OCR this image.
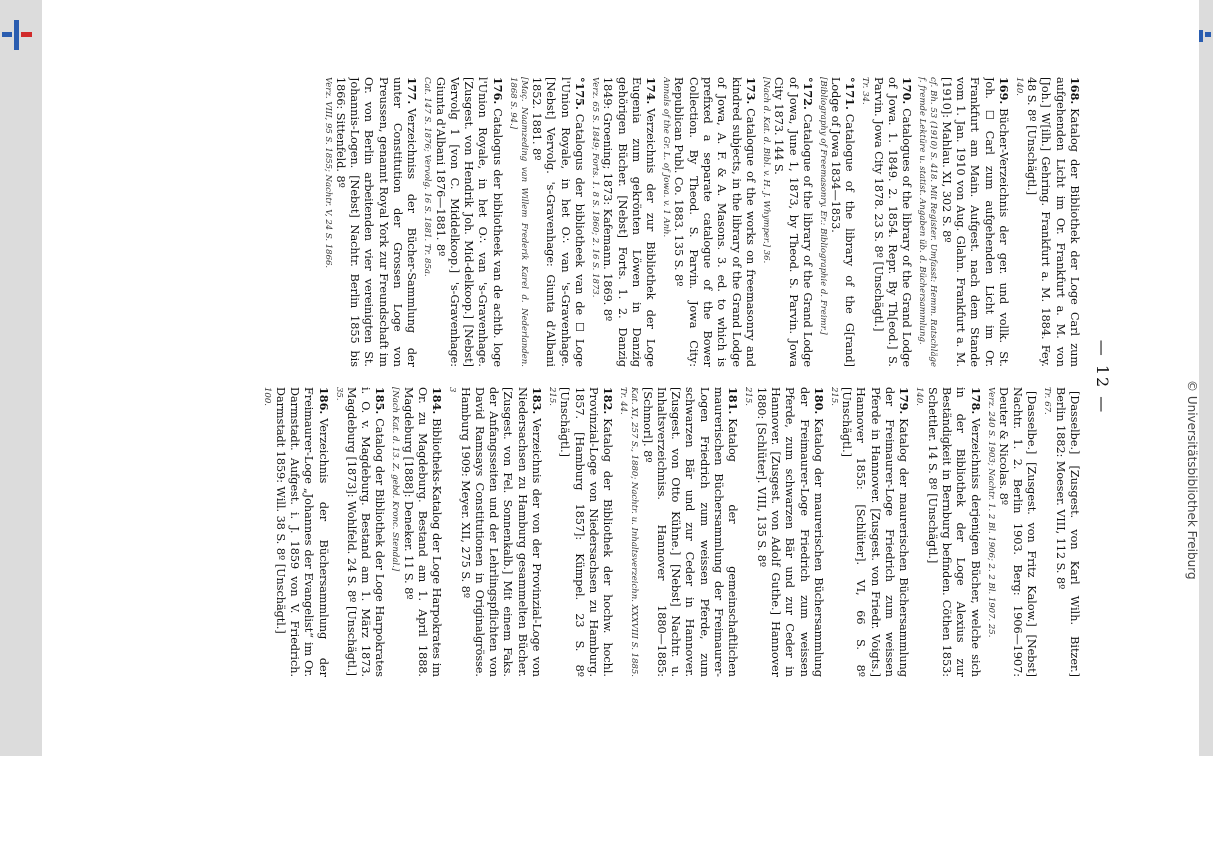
© Universitätsbibliothek Freiburg
— 12 —
168.Katalog der Bibliothek der Loge Carl zum aufgehenden Licht im Or. Frankfurt a. M. von [Joh.] W[ilh.] Gehring. Frankfurt a. M. 1884. Fey. 48 S. 8º [Unschägtl.]
140.
169.Bücher-Verzeichnis der ger. und vollk. St. Joh. ☐ Carl zum aufgehenden Licht im Or. Frankfurt am Main. Aufgest. nach dem Stande vom 1. Jan. 1910 von Aug. Glahn. Frankfurt a. M. [1910]: Mahlau. XI, 302 S. 8º
cf. Bh. 53 (1910) S. 418. Mit Register. Umfasst: Hemm. Ratschläge f. fremde Lektüre u. statist. Angaben üb. d. Büchersammlung.
170.Catalogues of the library of the Grand Lodge of Jowa. 1. 1849. 2. 1854. Repr. By Th[eod.] S. Parvin. Jowa City 1878. 23 S. 8º [Unschägtl.]
Tr. 34.
°171.Catalogue of the library of the G[rand] Lodge of Jowa 1834—1853.
[Bibliography of Freemasonry. Er.: Bibliographie d. Freimr.]
°172.Catalogue of the library of the Grand Lodge of Jowa, June 1, 1873, by Theod. S. Parvin. Jowa City 1873. 144 S.
[Nach d. Kat. d. Bibl. v. H. J. Whymper.] 36.
173.Catalogue of the works on freemasonry and kindred subjects, in the library of the Grand Lodge of Jowa, A. F. & A. Masons. 3. ed. to which is prefixed a separate catalogue of the Bower Collection. By Theod. S. Parvin. Jowa City: Republican Publ. Co. 1883. 135 S. 8º
Annals of the Gr. L. of Jowa. v. 1 Anh.
174.Verzeichnis der zur Bibliothek der Loge Eugenia zum gekrönten Löwen in Danzig gehörigen Bücher. [Nebst] Forts. 1. 2. Danzig 1849: Groening; 1873: Kafemann. 1869. 8º
Verz. 65 S. 1849; Forts. 1. 8 S. 1860; 2. 16 S. 1873.
°175.Catalogus der bibliotheek van de ☐ Loge l'Union Royale, in het O∴ van 's-Gravenhage. [Nebst] Vervolg. 's-Gravenhage: Giunta d'Albani 1852. 1881. 8º
[Maç. Naamzeding van Willem Frederik Karel d. Nederlanden. 1868 S. 94.]
176.Catalogus der bibliotheek van de achtb. loge l'Union Royale, in het O∴ van 's-Gravenhage. [Zusgest. von Hendrik Joh. Mid-delkoop.] [Nebst] Vervolg 1 [von C. Middelkoop.] 's-Gravenhage: Giunta d'Albani 1876—1881. 8º
Cat. 147 S. 1876; Vervolg. 16 S. 1881. Tr. 85a.
177.Verzeichniss der Bücher-Sammlung der unter Constitution der Grossen Loge von Preussen, genannt Royal York zur Freundschaft im Or. von Berlin arbeitenden vier vereinigten St. Johannis-Logen. [Nebst] Nachtr. Berlin 1855 bis 1866: Sittenfeld. 8º
Verz. VIII, 95 S. 1855; Nachtr. V, 24 S. 1866.
[Dasselbe.] [Zusgest. von Karl Wilh. Bitzer.] Berlin 1882: Moeser. VIII, 112 S. 8º
Tr. 67.
[Dasselbe.] [Zusgest. von Fritz Kalow.] [Nebst] Nachtr. 1. 2. Berlin 1903. Berg: 1906—1907: Deuter & Nicolas. 8º
Verz. 240 S. 1903; Nachtr. 1. 2 Bl. 1906; 2. 2 Bl. 1907. 25.
178.Verzeichniss derjenigen Bücher, welche sich in der Bibliothek der Loge Alexius zur Beständigkeit in Bernburg befinden. Cöthen 1853: Schettler. 14 S. 8º [Unschägtl.]
140.
179.Katalog der maurerischen Büchersammlung der Freimaurer-Loge Friedrich zum weissen Pferde in Hannover. [Zusgest. von Friedr. Voigts.] Hannover 1855: [Schlüter]. VI, 66 S. 8º [Unschägtl.]
215.
180.Katalog der maurerischen Büchersammlung der Freimaurer-Loge Friedrich zum weissen Pferde, zum schwarzen Bär und zur Ceder in Hannover. [Zusgest. von Adolf Guthe.] Hannover 1880: [Schlüter]. VIII, 135 S. 8º
215.
181.Katalog der gemeinschaftlichen maurerischen Büchersammlung der Freimaurer-Logen Friedrich zum weissen Pferde, zum schwarzen Bär und zur Ceder in Hannover. [Zusgest. von Otto Kühne.] [Nebst] Nachtr. u. Inhaltsverzeichniss. Hannover 1880—1885: [Schmorl]. 8º
Kat. XI, 257 S., 1880; Nachtr. u. Inhaltsverzeichn. XXXVIII S. 1885. Tr. 44.
182.Katalog der Bibliothek der hochw. hochl. Provinzial-Loge von Niedersachsen zu Hamburg. 1857. [Hamburg 1857]: Kümpel. 23 S. 8º [Unschägtl.]
215.
183.Verzeichnis der von der Provinzial-Loge von Niedersachsen zu Hamburg gesammelten Bücher. [Zusgest. von Fel. Sonnenkalb.] Mit einem Faks. der Anfangsseiten und der Lehrlingspflichten von David Ramsays Constitutionen in Originalgrösse. Hamburg 1909: Meyer. XII, 275 S. 8º
3
184.Bibliotheks-Katalog der Loge Harpokrates im Or. zu Magdeburg. Bestand am 1. April 1888. Magdeburg [1888]: Deneker. 11 S. 8º
[Nach Kat. d. 13. Z. gebd. Kronc. Stendal.]
185.Catalog der Bibliothek der Loge Harpokrates i. O. v. Magdeburg. Bestand am 1. März 1873. Magdeburg [1873]: Wohlfeld. 24 S. 8º [Unschägtl.]
35.
186.Verzeichnis der Büchersammlung der Freimaurer-Loge „Johannes der Evangelist“ im Or. Darmstadt. Aufgest. i. J. 1859 von V. Friedrich. Darmstadt 1859: Will. 38 S. 8º [Unschägtl.]
100.
